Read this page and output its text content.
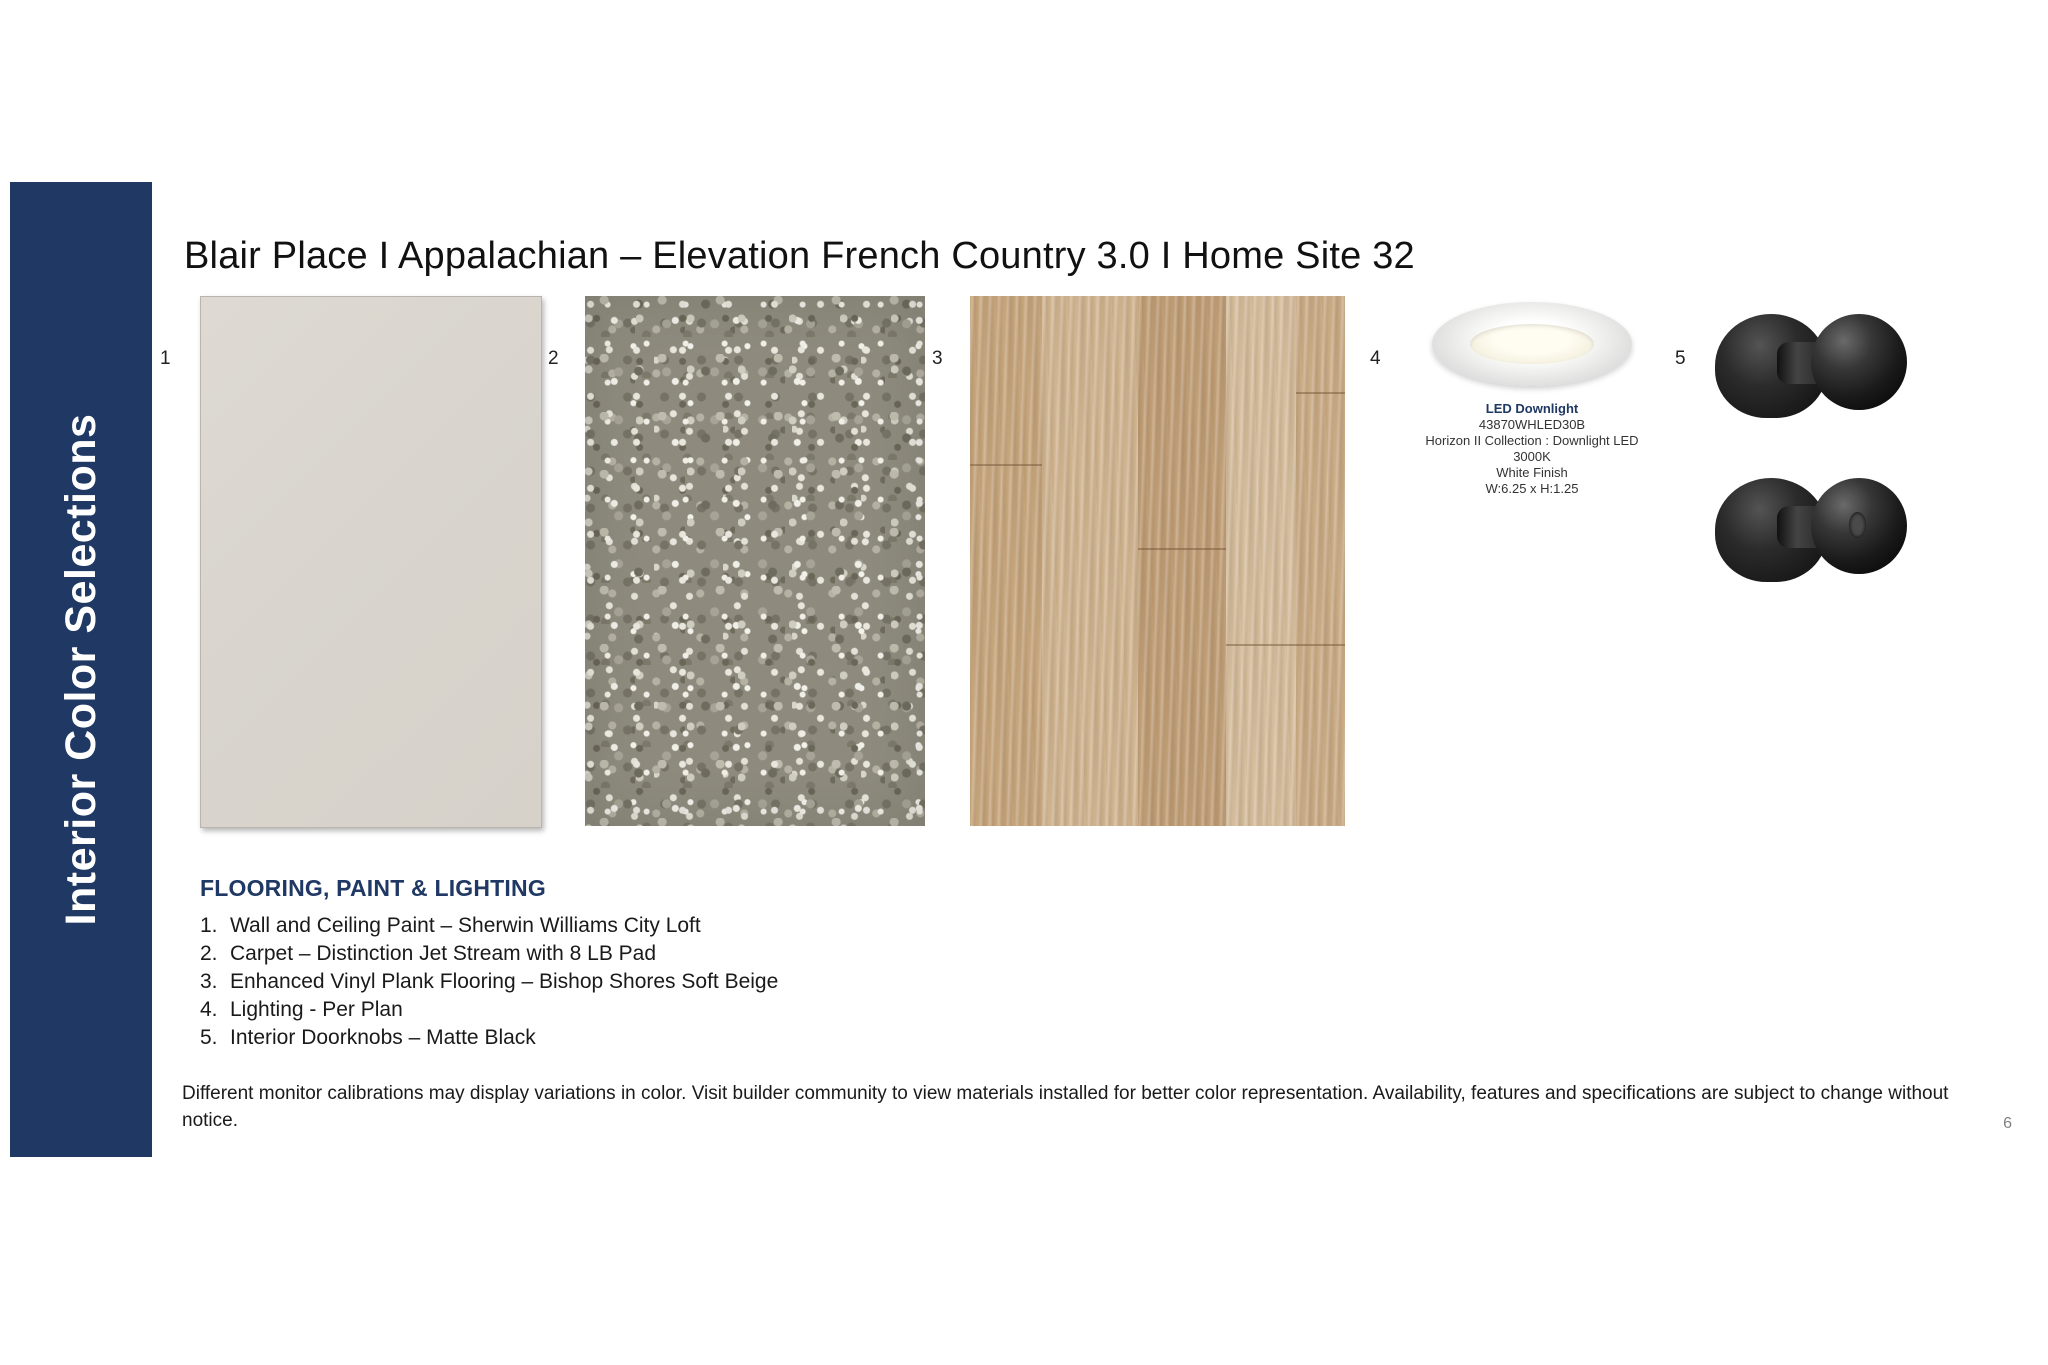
Interior Color Selections
Blair Place I Appalachian – Elevation French Country 3.0 I Home Site 32
1	2	3	4	5
LED Downlight
43870WHLED30B
Horizon II Collection : Downlight LED
3000K
White Finish
W:6.25 x H:1.25
FLOORING, PAINT & LIGHTING
1. Wall and Ceiling Paint – Sherwin Williams City Loft
2. Carpet – Distinction Jet Stream with 8 LB Pad
3. Enhanced Vinyl Plank Flooring – Bishop Shores Soft Beige
4. Lighting - Per Plan
5. Interior Doorknobs – Matte Black
Different monitor calibrations may display variations in color. Visit builder community to view materials installed for better color representation. Availability, features and specifications are subject to change without notice.	6
